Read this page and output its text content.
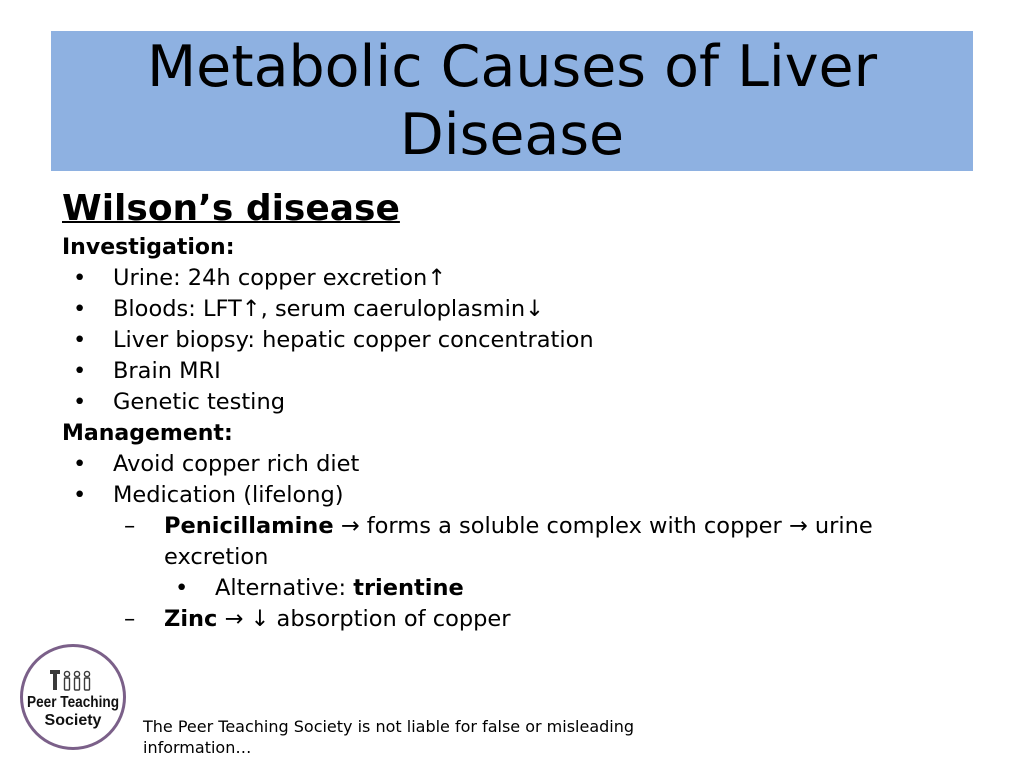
Metabolic Causes of Liver
Disease
Wilson’s disease
Investigation:
• Urine: 24h copper excretion↑
• Bloods: LFT↑, serum caeruloplasmin↓
• Liver biopsy: hepatic copper concentration
• Brain MRI
• Genetic testing
Management:
• Avoid copper rich diet
• Medication (lifelong)
– Penicillamine → forms a soluble complex with copper → urine excretion
• Alternative: trientine
– Zinc → ↓ absorption of copper
Peer Teaching
Society	The Peer Teaching Society is not liable for false or misleading information…
